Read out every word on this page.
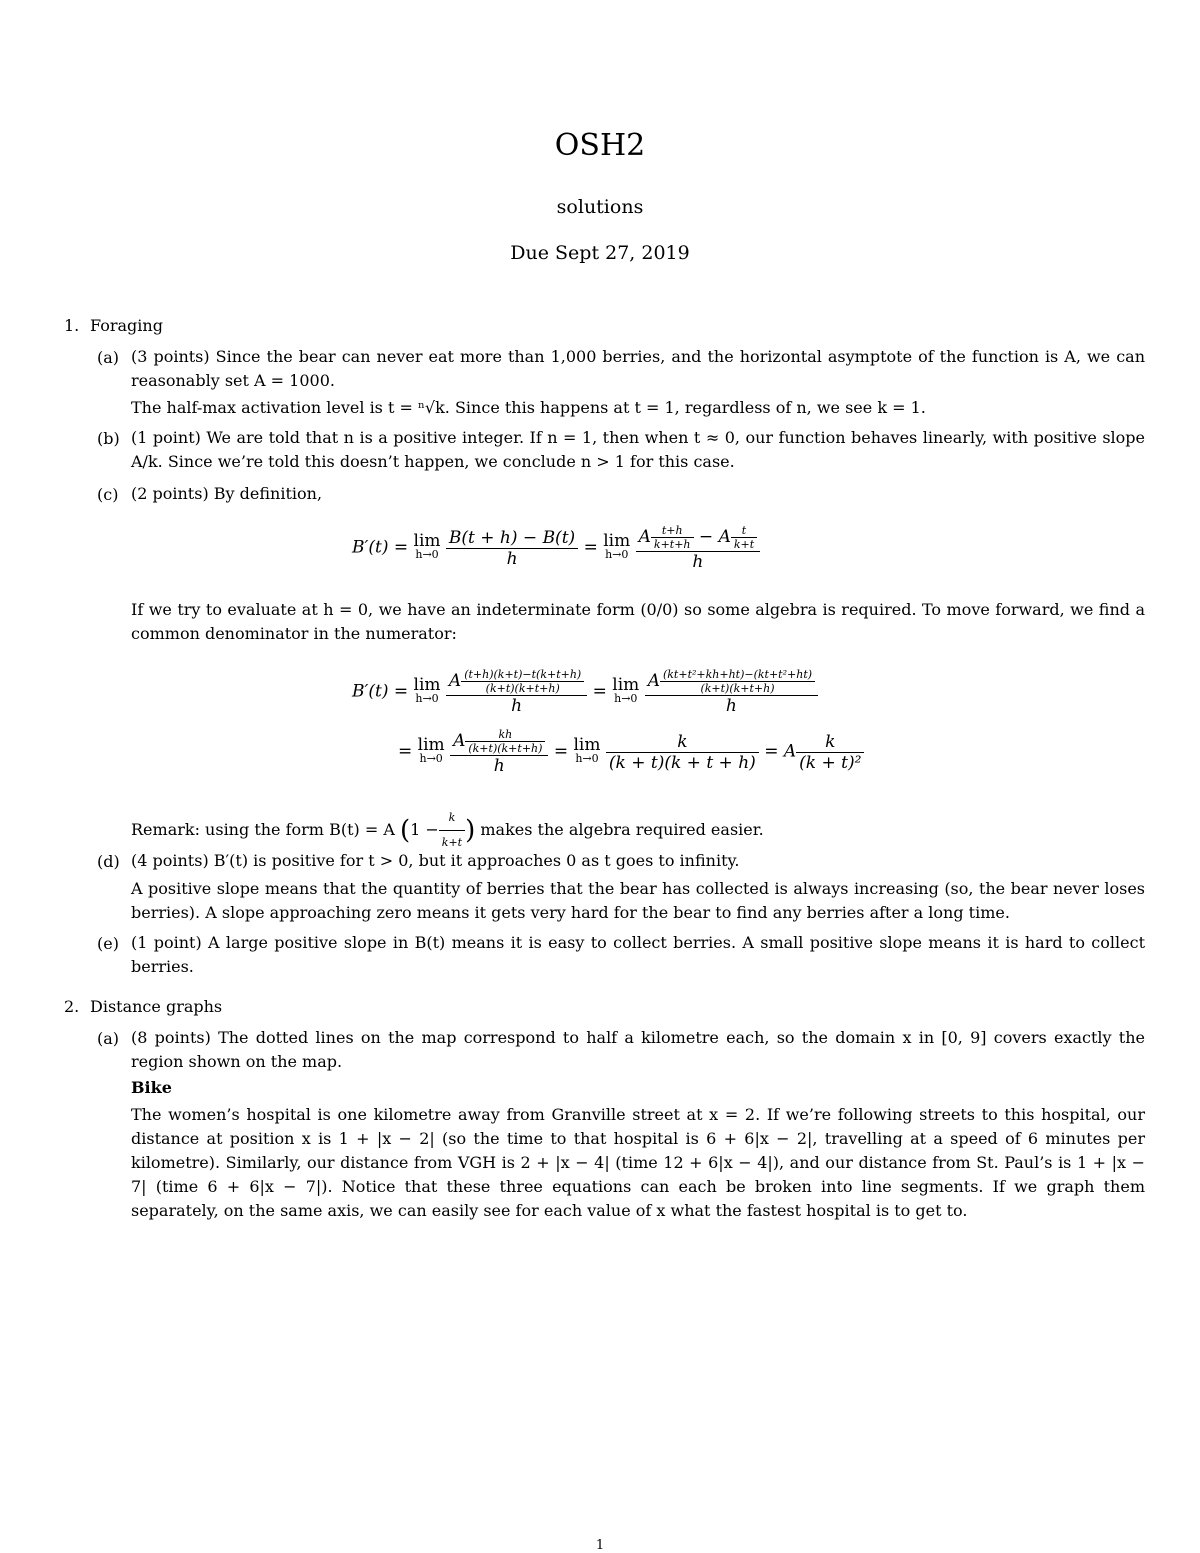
OSH2
solutions
Due Sept 27, 2019
1. Foraging
(a) (3 points) Since the bear can never eat more than 1,000 berries, and the horizontal asymptote of the function is A, we can reasonably set A = 1000.
The half-max activation level is t = ⁿ√k. Since this happens at t = 1, regardless of n, we see k = 1.
(b) (1 point) We are told that n is a positive integer. If n = 1, then when t ≈ 0, our function behaves linearly, with positive slope A/k. Since we’re told this doesn’t happen, we conclude n > 1 for this case.
(c) (2 points) By definition,
B′(t) = lim
h→0
$\frac{B(t + h) - B(t)}{h} = \lim$
h→0
$\frac{A \frac{t+h}{k+t+h} - A \frac{t}{k+t}}{h}$
If we try to evaluate at h = 0, we have an indeterminate form (0/0) so some algebra is required. To move forward, we find a common denominator in the numerator:
B′(t) = lim
h→0
$\frac{A \frac{(t+h)(k+t)-t(k+t+h)}{(k+t)(k+t+h)}}{h} = \lim$
h→0
$\frac{A \frac{\text{(kt+t²+kh+ht)−(kt+t²+ht)}}{(k+t)(k+t+h)}}{h}$
= lim
h→0
$\frac{A \frac{kh}{(k+t)(k+t+h)}}{h} = \lim$
h→0
$\frac{k}{(k + t)(k + t + h)} = A \frac{k}{\text{(k + t)²}}$
Remark: using the form B(t) = A ($1 - \frac{k}{k+t}$ ) makes the algebra required easier.
(d) (4 points) B′(t) is positive for t > 0, but it approaches 0 as t goes to infinity.
A positive slope means that the quantity of berries that the bear has collected is always increasing (so, the bear never loses berries). A slope approaching zero means it gets very hard for the bear to find any berries after a long time.
(e) (1 point) A large positive slope in B(t) means it is easy to collect berries. A small positive slope means it is hard to collect berries.
2. Distance graphs
(a) (8 points) The dotted lines on the map correspond to half a kilometre each, so the domain x in [0, 9] covers exactly the region shown on the map.
Bike
The women’s hospital is one kilometre away from Granville street at x = 2. If we’re following streets to this hospital, our distance at position x is 1 + |x − 2| (so the time to that hospital is 6 + 6|x − 2|, travelling at a speed of 6 minutes per kilometre). Similarly, our distance from VGH is 2 + |x − 4| (time 12 + 6|x − 4|), and our distance from St. Paul’s is 1 + |x − 7| (time 6 + 6|x − 7|). Notice that these three equations can each be broken into line segments. If we graph them separately, on the same axis, we can easily see for each value of x what the fastest hospital is to get to.
1
